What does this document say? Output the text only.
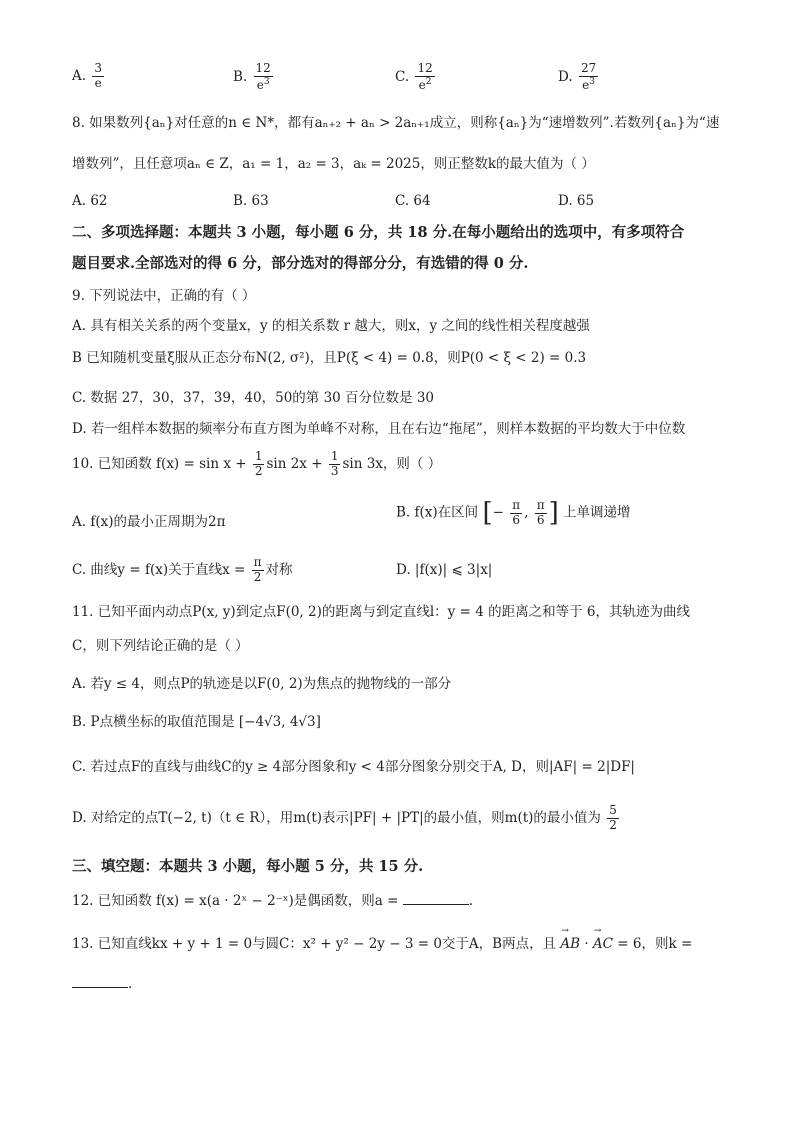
A. $\frac{3}{e}$	B. $\frac{12}{e^3}$	C. $\frac{12}{e^2}$	D. $\frac{27}{e^3}$
8. 如果数列{aₙ}对任意的n ∈ N*，都有aₙ₊₂ + aₙ > 2aₙ₊₁成立，则称{aₙ}为“速增数列”.若数列{aₙ}为“速
增数列”，且任意项aₙ ∈ Z，a₁ = 1，a₂ = 3，aₖ = 2025，则正整数k的最大值为（ ）
A. 62	B. 63	C. 64	D. 65
二、多项选择题：本题共 3 小题，每小题 6 分，共 18 分.在每小题给出的选项中，有多项符合
题目要求.全部选对的得 6 分，部分选对的得部分分，有选错的得 0 分.
9. 下列说法中，正确的有（ ）
A. 具有相关关系的两个变量x，y 的相关系数 r 越大，则x，y 之间的线性相关程度越强
B 已知随机变量ξ服从正态分布N(2, σ²)，且P(ξ < 4) = 0.8，则P(0 < ξ < 2) = 0.3
C. 数据 27，30，37，39，40，50的第 30 百分位数是 30
D. 若一组样本数据的频率分布直方图为单峰不对称，且在右边“拖尾”，则样本数据的平均数大于中位数
10. 已知函数 $f(x) = \sin x + \frac{1}{2}$ $\sin 2x + \frac{1}{3}$ sin 3x，则（ ）
A. f(x)的最小正周期为2π
B. f(x)在区间 [− $\frac{\pi}{6}$ , $\frac{\pi}{6}$ ] 上单调递增
C. 曲线y = f(x)关于直线$x = \frac{\pi}{2}$ 对称	D. |f(x)| ⩽ 3|x|
11. 已知平面内动点P(x, y)到定点F(0, 2)的距离与到定直线l：y = 4 的距离之和等于 6，其轨迹为曲线
C，则下列结论正确的是（ ）
A. 若y ≤ 4，则点P的轨迹是以F(0, 2)为焦点的抛物线的一部分
B. P点横坐标的取值范围是 [−4√3, 4√3]
C. 若过点F的直线与曲线C的y ≥ 4部分图象和y < 4部分图象分别交于A, D，则|AF| = 2|DF|
D. 对给定的点T(−2, t)（t ∈ R），用m(t)表示|PF| + |PT|的最小值，则m(t)的最小值为 $\frac{5}{2}$
三、填空题：本题共 3 小题，每小题 5 分，共 15 分.
12. 已知函数 f(x) = x(a · 2ˣ − 2⁻ˣ)是偶函数，则a =	.
13. 已知直线kx + y + 1 = 0与圆C：x² + y² − 2y − 3 = 0交于A，B两点，且 → AB · → AC = 6，则k =
.
